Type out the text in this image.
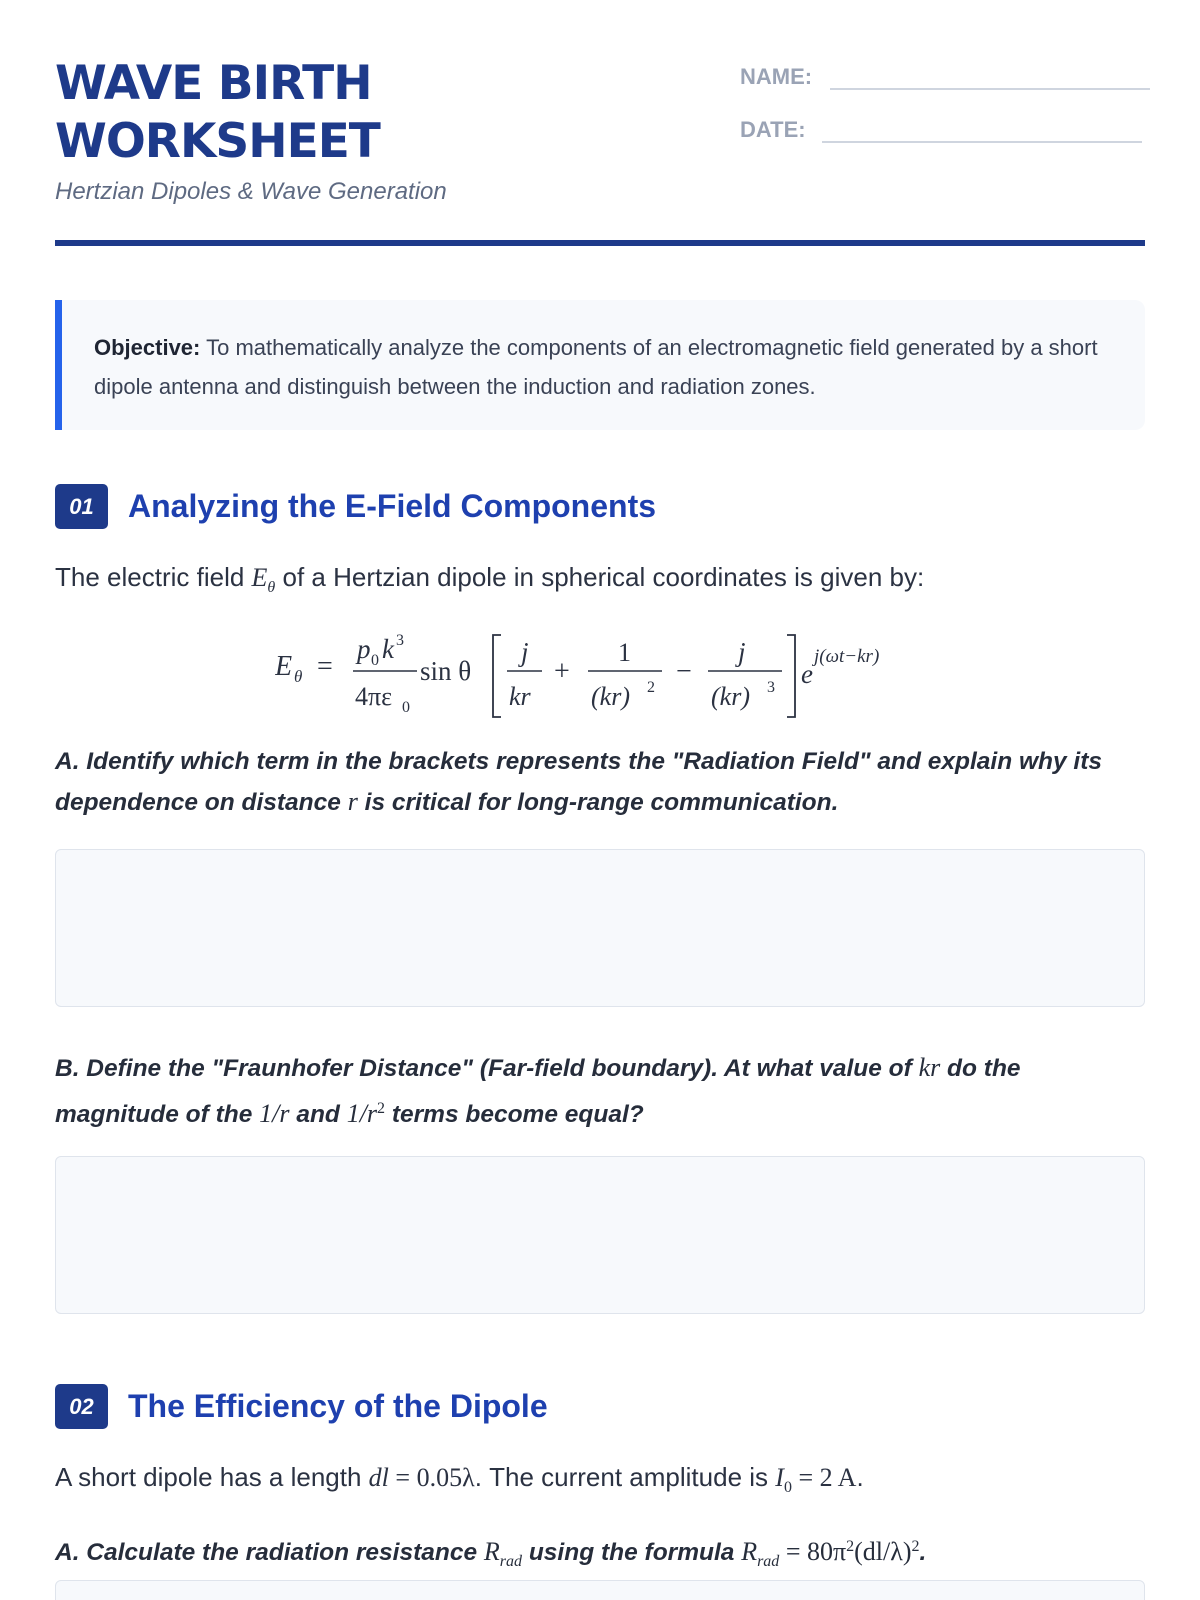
WAVE BIRTH
WORKSHEET
Hertzian Dipoles & Wave Generation
NAME:
DATE:
Objective: To mathematically analyze the components of an electromagnetic field generated by a short dipole antenna and distinguish between the induction and radiation zones.
01	Analyzing the E-Field Components
The electric field $E_\theta$ of a Hertzian dipole in spherical coordinates is given by:
E θ =
p 0 k 3
4πε 0
sin θ
j
kr
+
1
(kr) 2
−
j
(kr) 3 e
j(ωt−kr)
A. Identify which term in the brackets represents the "Radiation Field" and explain why its dependence on distance r is critical for long-range communication.
B. Define the "Fraunhofer Distance" (Far-field boundary). At what value of kr do the magnitude of the 1/r and $1/r^2$ terms become equal?
02	The Efficiency of the Dipole
A short dipole has a length dl = 0.05λ. The current amplitude is $I_0 = 2$ A.
A. Calculate the radiation resistance $R_{rad}$ using the formula $R_{rad} = 80\pi^2(dl/\lambda)^2$.
